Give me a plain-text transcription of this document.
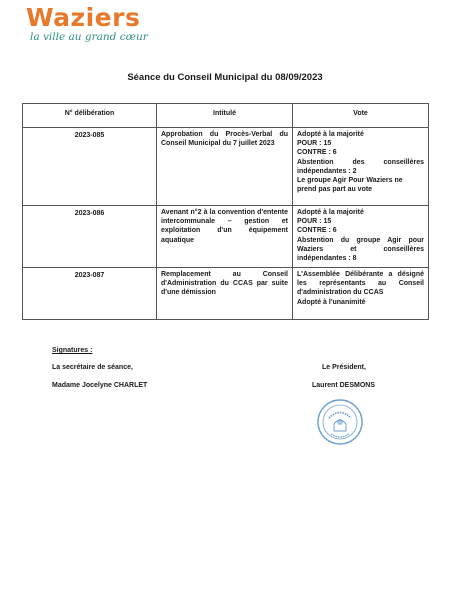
Waziers
la ville au grand cœur
Séance du Conseil Municipal du 08/09/2023
N° délibération	Intitulé	Vote
2023-085	Approbation du Procès-Verbal du Conseil Municipal du 7 juillet 2023	Adopté à la majorité
POUR : 15
CONTRE : 6
Abstention des conseillères indépendantes : 2
Le groupe Agir Pour Waziers ne prend pas part au vote

2023-086	Avenant n°2 à la convention d'entente intercommunale – gestion et exploitation d'un équipement aquatique	Adopté à la majorité
POUR : 15
CONTRE : 6
Abstention du groupe Agir pour Waziers et conseillères indépendantes : 8

2023-087	Remplacement au Conseil d'Administration du CCAS par suite d'une démission	L'Assemblée Délibérante a désigné les représentants au Conseil d'administration du CCAS
Adopté à l'unanimité
Signatures :
La secrétaire de séance,
Madame Jocelyne CHARLET
Le Président,
Laurent DESMONS
